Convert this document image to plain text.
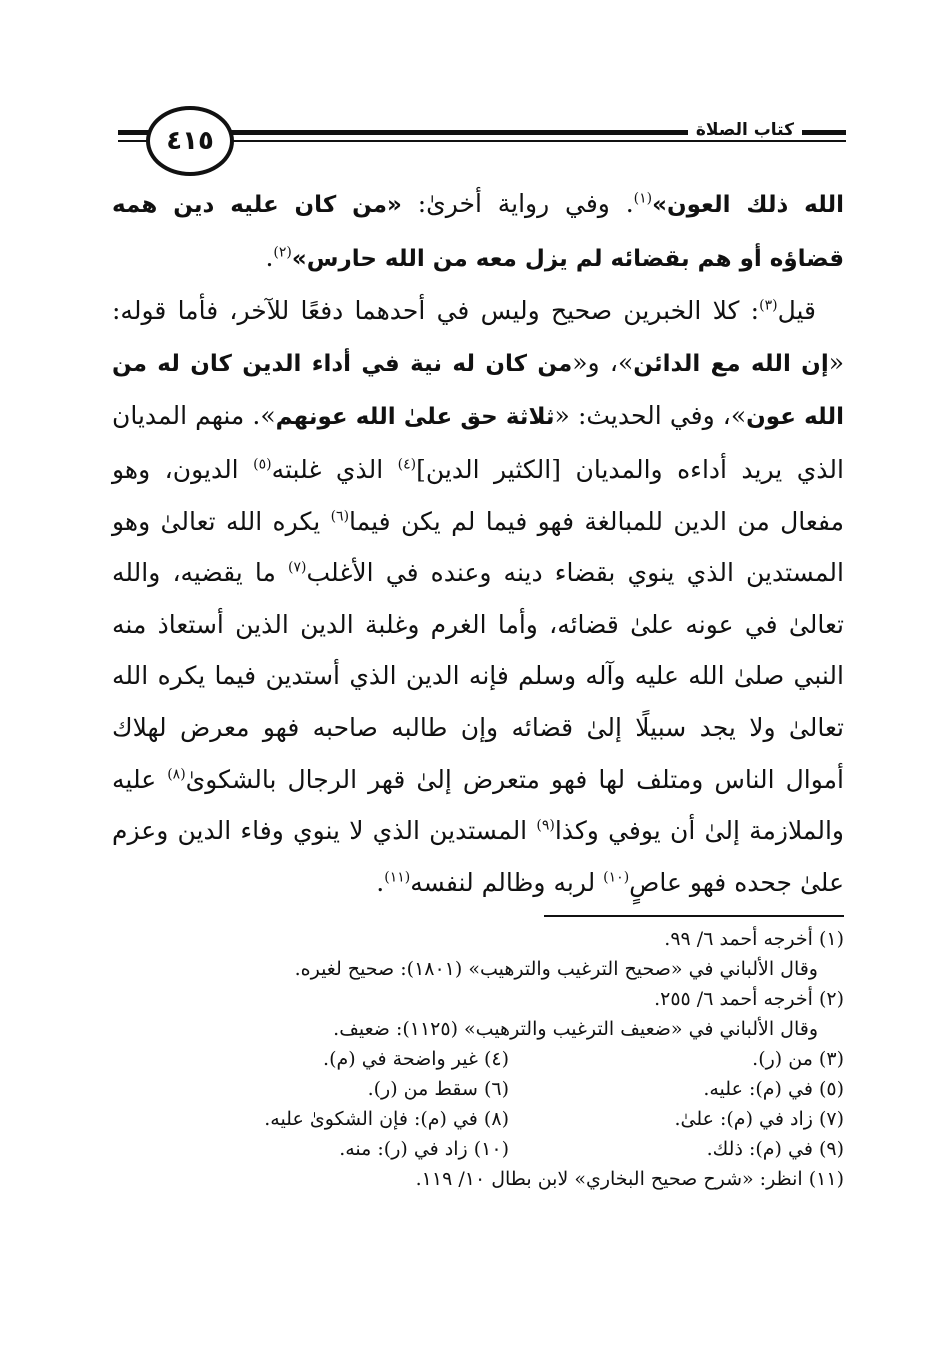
٤١٥	كتاب الصلاة

الله ذلك العون»$^{(١)}$. وفي رواية أخرىٰ: «من كان عليه دين همه قضاؤه أو هم بقضائه لم يزل معه من الله حارس»$^{(٢)}$.

قيل$^{(٣)}$: كلا الخبرين صحيح وليس في أحدهما دفعًا للآخر، فأما قوله: «إن الله مع الدائن»، و«من كان له نية في أداء الدين كان له من الله عون»، وفي الحديث: «ثلاثة حق علىٰ الله عونهم». منهم المديان الذي يريد أداءه والمديان [الكثير الدين]$^{(٤)}$ الذي غلبته$^{(٥)}$ الديون، وهو مفعال من الدين للمبالغة فهو فيما لم يكن فيما$^{(٦)}$ يكره الله تعالىٰ وهو المستدين الذي ينوي بقضاء دينه وعنده في الأغلب$^{(٧)}$ ما يقضيه، والله تعالىٰ في عونه علىٰ قضائه، وأما الغرم وغلبة الدين الذين أستعاذ منه النبي صلىٰ الله عليه وآله وسلم فإنه الدين الذي أستدين فيما يكره الله تعالىٰ ولا يجد سبيلًا إلىٰ قضائه وإن طالبه صاحبه فهو معرض لهلاك أموال الناس ومتلف لها فهو متعرض إلىٰ قهر الرجال بالشكوىٰ$^{(٨)}$ عليه والملازمة إلىٰ أن يوفي وكذا$^{(٩)}$ المستدين الذي لا ينوي وفاء الدين وعزم علىٰ جحده فهو عاصٍ$^{(١٠)}$ لربه وظالم لنفسه$^{(١١)}$.

(١) أخرجه أحمد ٦/ ٩٩.
وقال الألباني في «صحيح الترغيب والترهيب» (١٨٠١): صحيح لغيره.
(٢) أخرجه أحمد ٦/ ٢٥٥.
وقال الألباني في «ضعيف الترغيب والترهيب» (١١٢٥): ضعيف.
(٣) من (ر).
(٤) غير واضحة في (م).
(٥) في (م): عليه.
(٦) سقط من (ر).
(٧) زاد في (م): علىٰ.
(٨) في (م): فإن الشكوىٰ عليه.
(٩) في (م): ذلك.
(١٠) زاد في (ر): منه.
(١١) انظر: «شرح صحيح البخاري» لابن بطال ١٠/ ١١٩.
